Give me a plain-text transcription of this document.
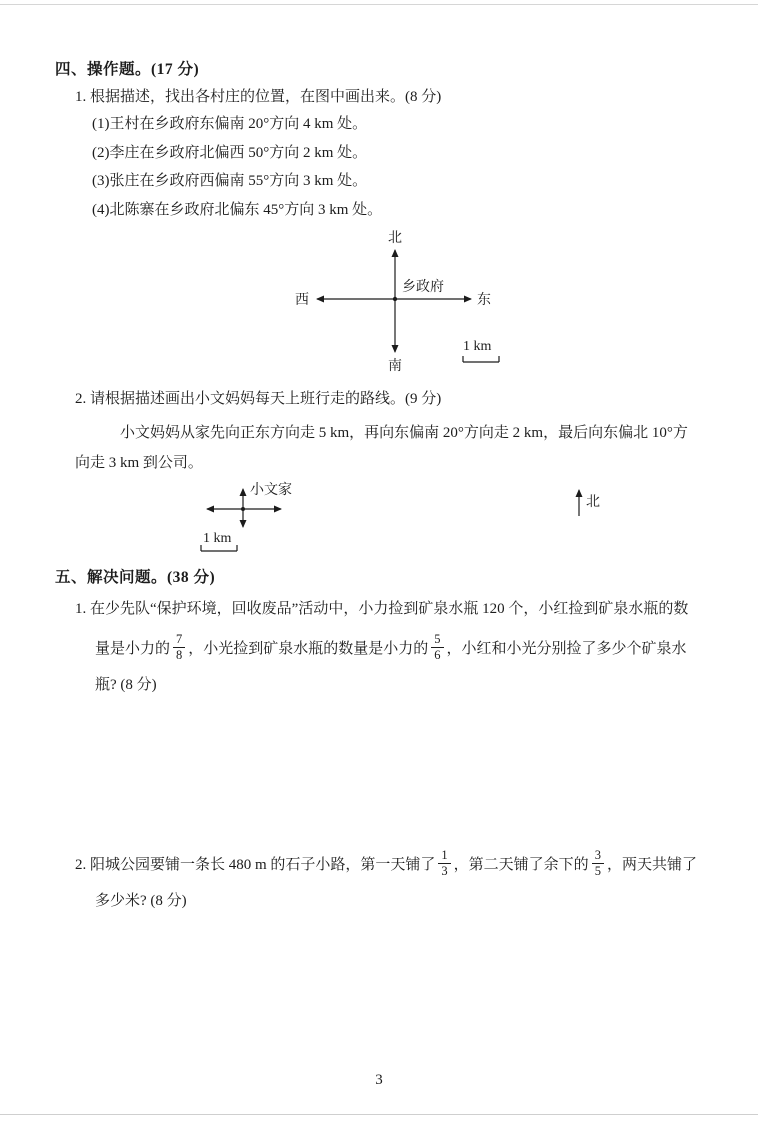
四、操作题。(17 分)
1. 根据描述，找出各村庄的位置，在图中画出来。(8 分)
(1)王村在乡政府东偏南 20°方向 4 km 处。
(2)李庄在乡政府北偏西 50°方向 2 km 处。
(3)张庄在乡政府西偏南 55°方向 3 km 处。
(4)北陈寨在乡政府北偏东 45°方向 3 km 处。
北
南
西	东
乡政府
1 km
2. 请根据描述画出小文妈妈每天上班行走的路线。(9 分)
小文妈妈从家先向正东方向走 5 km，再向东偏南 20°方向走 2 km，最后向东偏北 10°方
向走 3 km 到公司。
小文家
1 km
北
五、解决问题。(38 分)
1. 在少先队“保护环境，回收废品”活动中，小力捡到矿泉水瓶 120 个，小红捡到矿泉水瓶的数
量是小力的 $\frac{7}{8}$ ，小光捡到矿泉水瓶的数量是小力的 $\frac{5}{6}$ ，小红和小光分别捡了多少个矿泉水
瓶? (8 分)
2. 阳城公园要铺一条长 480 m 的石子小路，第一天铺了 $\frac{1}{3}$ ，第二天铺了余下的 $\frac{3}{5}$ ，两天共铺了
多少米? (8 分)
3
